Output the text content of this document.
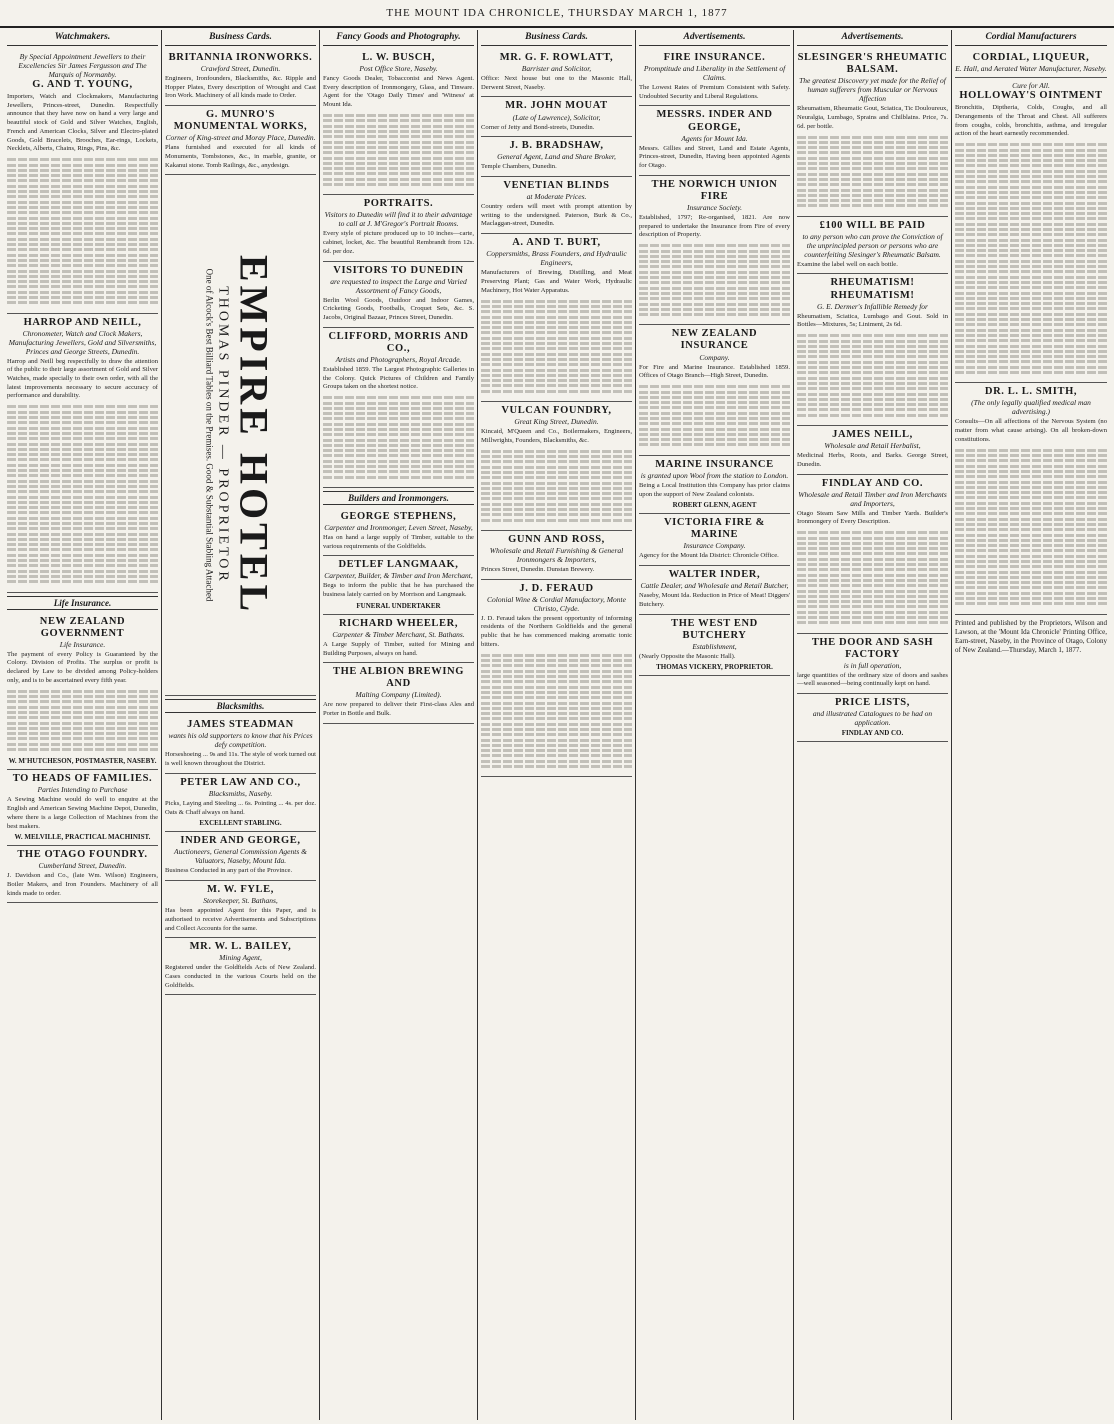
THE MOUNT IDA CHRONICLE, THURSDAY MARCH 1, 1877
Watchmakers.
By Special Appointment Jewellers to their Excellencies Sir James Fergusson and The Marquis of Normanby.
G. AND T. YOUNG,
Importers, Watch and Clockmakers, Manufacturing Jewellers, Princes-street, Dunedin. Respectfully announce that they have now on hand a very large and beautiful stock of Gold and Silver Watches, English, French and American Clocks, Silver and Electro-plated Goods, Gold Bracelets, Brooches, Ear-rings, Lockets, Necklets, Alberts, Chains, Rings, Pins, &c.
HARROP AND NEILL,
Chronometer, Watch and Clock Makers, Manufacturing Jewellers, Gold and Silversmiths, Princes and George Streets, Dunedin.
Harrop and Neill beg respectfully to draw the attention of the public to their large assortment of Gold and Silver Watches, made specially to their own order, with all the latest improvements necessary to secure accuracy of performance and durability.
Life Insurance.
NEW ZEALAND GOVERNMENT
Life Insurance.
The payment of every Policy is Guaranteed by the Colony. Division of Profits. The surplus or profit is declared by Law to be divided among Policy-holders only, and is to be ascertained every fifth year.
W. M'HUTCHESON, POSTMASTER, NASEBY.
TO HEADS OF FAMILIES.
Parties Intending to Purchase
A Sewing Machine would do well to enquire at the English and American Sewing Machine Depot, Dunedin, where there is a large Collection of Machines from the best makers.
W. MELVILLE, PRACTICAL MACHINIST.
THE OTAGO FOUNDRY.
Cumberland Street, Dunedin.
J. Davidson and Co., (late Wm. Wilson) Engineers, Boiler Makers, and Iron Founders. Machinery of all kinds made to order.
Business Cards.
BRITANNIA IRONWORKS.
Crawford Street, Dunedin.
Engineers, Ironfounders, Blacksmiths, &c. Ripple and Hopper Plates, Every description of Wrought and Cast Iron Work. Machinery of all kinds made to Order.
G. MUNRO'S MONUMENTAL WORKS,
Corner of King-street and Moray Place, Dunedin.
Plans furnished and executed for all kinds of Monuments, Tombstones, &c., in marble, granite, or Kakanui stone. Tomb Railings, &c., anydesign.
EMPIRE HOTEL
THOMAS PINDER — PROPRIETOR
One of Alcock's Best Billiard Tables on the Premises. Good & Substantial Stabling Attached
Blacksmiths.
JAMES STEADMAN
wants his old supporters to know that his Prices defy competition.
Horseshoeing ... 9s and 11s. The style of work turned out is well known throughout the District.
PETER LAW AND CO.,
Blacksmiths, Naseby.
Picks, Laying and Steeling ... 6s. Pointing ... 4s. per doz. Oats & Chaff always on hand.
EXCELLENT STABLING.
INDER AND GEORGE,
Auctioneers, General Commission Agents & Valuators, Naseby, Mount Ida.
Business Conducted in any part of the Province.
M. W. FYLE,
Storekeeper, St. Bathans,
Has been appointed Agent for this Paper, and is authorised to receive Advertisements and Subscriptions and Collect Accounts for the same.
MR. W. L. BAILEY,
Mining Agent,
Registered under the Goldfields Acts of New Zealand. Cases conducted in the various Courts held on the Goldfields.
Fancy Goods and Photography.
L. W. BUSCH,
Post Office Store, Naseby.
Fancy Goods Dealer, Tobacconist and News Agent. Every description of Ironmongery, Glass, and Tinware. Agent for the 'Otago Daily Times' and 'Witness' at Mount Ida.
PORTRAITS.
Visitors to Dunedin will find it to their advantage to call at J. M'Gregor's Portrait Rooms.
Every style of picture produced up to 10 inches—carte, cabinet, locket, &c. The beautiful Rembrandt from 12s. 6d. per doz.
VISITORS TO DUNEDIN
are requested to inspect the Large and Varied Assortment of Fancy Goods,
Berlin Wool Goods, Outdoor and Indoor Games, Cricketing Goods, Footballs, Croquet Sets, &c. S. Jacobs, Original Bazaar, Princes Street, Dunedin.
CLIFFORD, MORRIS AND CO.,
Artists and Photographers, Royal Arcade.
Established 1859. The Largest Photographic Galleries in the Colony. Quick Pictures of Children and Family Groups taken on the shortest notice.
Builders and Ironmongers.
GEORGE STEPHENS,
Carpenter and Ironmonger, Leven Street, Naseby,
Has on hand a large supply of Timber, suitable to the various requirements of the Goldfields.
DETLEF LANGMAAK,
Carpenter, Builder, & Timber and Iron Merchant,
Begs to inform the public that he has purchased the business lately carried on by Morrison and Langmaak.
FUNERAL UNDERTAKER
RICHARD WHEELER,
Carpenter & Timber Merchant, St. Bathans.
A Large Supply of Timber, suited for Mining and Building Purposes, always on hand.
THE ALBION BREWING AND
Malting Company (Limited).
Are now prepared to deliver their First-class Ales and Porter in Bottle and Bulk.
Business Cards.
MR. G. F. ROWLATT,
Barrister and Solicitor,
Office: Next house but one to the Masonic Hall, Derwent Street, Naseby.
MR. JOHN MOUAT
(Late of Lawrence), Solicitor,
Corner of Jetty and Bond-streets, Dunedin.
J. B. BRADSHAW,
General Agent, Land and Share Broker,
Temple Chambers, Dunedin.
VENETIAN BLINDS
at Moderate Prices.
Country orders will meet with prompt attention by writing to the undersigned. Paterson, Burk & Co., Maclaggan-street, Dunedin.
A. AND T. BURT,
Coppersmiths, Brass Founders, and Hydraulic Engineers,
Manufacturers of Brewing, Distilling, and Meat Preserving Plant; Gas and Water Work, Hydraulic Machinery, Hot Water Apparatus.
VULCAN FOUNDRY,
Great King Street, Dunedin.
Kincaid, M'Queen and Co., Boilermakers, Engineers, Millwrights, Founders, Blacksmiths, &c.
GUNN AND ROSS,
Wholesale and Retail Furnishing & General Ironmongers & Importers,
Princes Street, Dunedin. Dunstan Brewery.
J. D. FERAUD
Colonial Wine & Cordial Manufactory, Monte Christo, Clyde.
J. D. Feraud takes the present opportunity of informing residents of the Northern Goldfields and the general public that he has commenced making aromatic tonic bitters.
Advertisements.
FIRE INSURANCE.
Promptitude and Liberality in the Settlement of Claims.
The Lowest Rates of Premium Consistent with Safety. Undoubted Security and Liberal Regulations.
MESSRS. INDER AND GEORGE,
Agents for Mount Ida.
Messrs. Gillies and Street, Land and Estate Agents, Princes-street, Dunedin, Having been appointed Agents for Otago.
THE NORWICH UNION FIRE
Insurance Society.
Established, 1797; Re-organised, 1821. Are now prepared to undertake the Insurance from Fire of every description of Property.
NEW ZEALAND INSURANCE
Company.
For Fire and Marine Insurance. Established 1859. Offices of Otago Branch—High Street, Dunedin.
MARINE INSURANCE
is granted upon Wool from the station to London.
Being a Local Institution this Company has prior claims upon the support of New Zealand colonists.
ROBERT GLENN, AGENT
VICTORIA FIRE & MARINE
Insurance Company.
Agency for the Mount Ida District: Chronicle Office.
WALTER INDER,
Cattle Dealer, and Wholesale and Retail Butcher,
Naseby, Mount Ida. Reduction in Price of Meat! Diggers' Butchery.
THE WEST END BUTCHERY
Establishment,
(Nearly Opposite the Masonic Hall).
THOMAS VICKERY, PROPRIETOR.
Advertisements.
SLESINGER'S RHEUMATIC BALSAM.
The greatest Discovery yet made for the Relief of human sufferers from Muscular or Nervous Affection
Rheumatism, Rheumatic Gout, Sciatica, Tic Douloureux, Neuralgia, Lumbago, Sprains and Chilblains. Price, 7s. 6d. per bottle.
£100 WILL BE PAID
to any person who can prove the Conviction of the unprincipled person or persons who are counterfeiting Slesinger's Rheumatic Balsam.
Examine the label well on each bottle.
RHEUMATISM! RHEUMATISM!
G. E. Dermer's Infallible Remedy for
Rheumatism, Sciatica, Lumbago and Gout. Sold in Bottles—Mixtures, 5s; Liniment, 2s 6d.
JAMES NEILL,
Wholesale and Retail Herbalist,
Medicinal Herbs, Roots, and Barks. George Street, Dunedin.
FINDLAY AND CO.
Wholesale and Retail Timber and Iron Merchants and Importers,
Otago Steam Saw Mills and Timber Yards. Builder's Ironmongery of Every Description.
THE DOOR AND SASH FACTORY
is in full operation,
large quantities of the ordinary size of doors and sashes—well seasoned—being continually kept on hand.
PRICE LISTS,
and illustrated Catalogues to be had on application.
FINDLAY AND CO.
Cordial Manufacturers
CORDIAL, LIQUEUR,
E. Hall, and Aerated Water Manufacturer, Naseby.
Cure for All.
HOLLOWAY'S OINTMENT
Bronchitis, Diptheria, Colds, Coughs, and all Derangements of the Throat and Chest. All sufferers from coughs, colds, bronchitis, asthma, and irregular action of the heart earnestly recommended.
DR. L. L. SMITH,
(The only legally qualified medical man advertising.)
Consults—On all affections of the Nervous System (no matter from what cause arising). On all broken-down constitutions.
Printed and published by the Proprietors, Wilson and Lawson, at the 'Mount Ida Chronicle' Printing Office, Earn-street, Naseby, in the Province of Otago, Colony of New Zealand.—Thursday, March 1, 1877.
